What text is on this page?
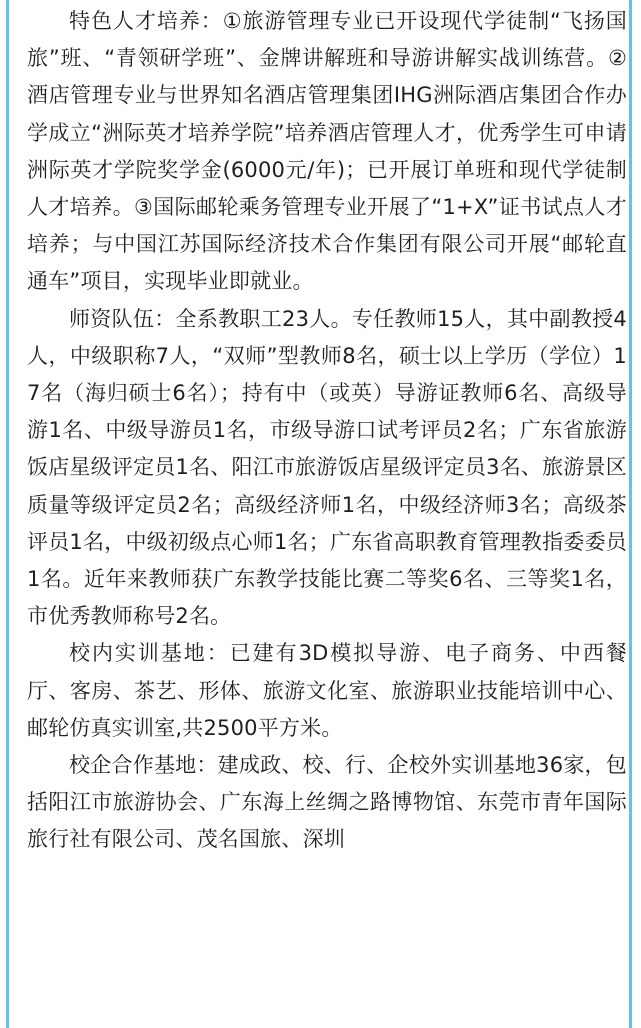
特色人才培养：①旅游管理专业已开设现代学徒制“飞扬国旅”班、“青领研学班”、金牌讲解班和导游讲解实战训练营。②酒店管理专业与世界知名酒店管理集团IHG洲际酒店集团合作办学成立“洲际英才培养学院”培养酒店管理人才，优秀学生可申请洲际英才学院奖学金(6000元/年)；已开展订单班和现代学徒制人才培养。③国际邮轮乘务管理专业开展了“1+X”证书试点人才培养；与中国江苏国际经济技术合作集团有限公司开展“邮轮直通车”项目，实现毕业即就业。

师资队伍：全系教职工23人。专任教师15人，其中副教授4人，中级职称7人，“双师”型教师8名，硕士以上学历（学位）17名（海归硕士6名）；持有中（或英）导游证教师6名、高级导游1名、中级导游员1名，市级导游口试考评员2名；广东省旅游饭店星级评定员1名、阳江市旅游饭店星级评定员3名、旅游景区质量等级评定员2名；高级经济师1名，中级经济师3名；高级茶评员1名，中级初级点心师1名；广东省高职教育管理教指委委员1名。近年来教师获广东教学技能比赛二等奖6名、三等奖1名，市优秀教师称号2名。

校内实训基地：已建有3D模拟导游、电子商务、中西餐厅、客房、茶艺、形体、旅游文化室、旅游职业技能培训中心、邮轮仿真实训室,共2500平方米。

校企合作基地：建成政、校、行、企校外实训基地36家，包括阳江市旅游协会、广东海上丝绸之路博物馆、东莞市青年国际旅行社有限公司、茂名国旅、深圳
